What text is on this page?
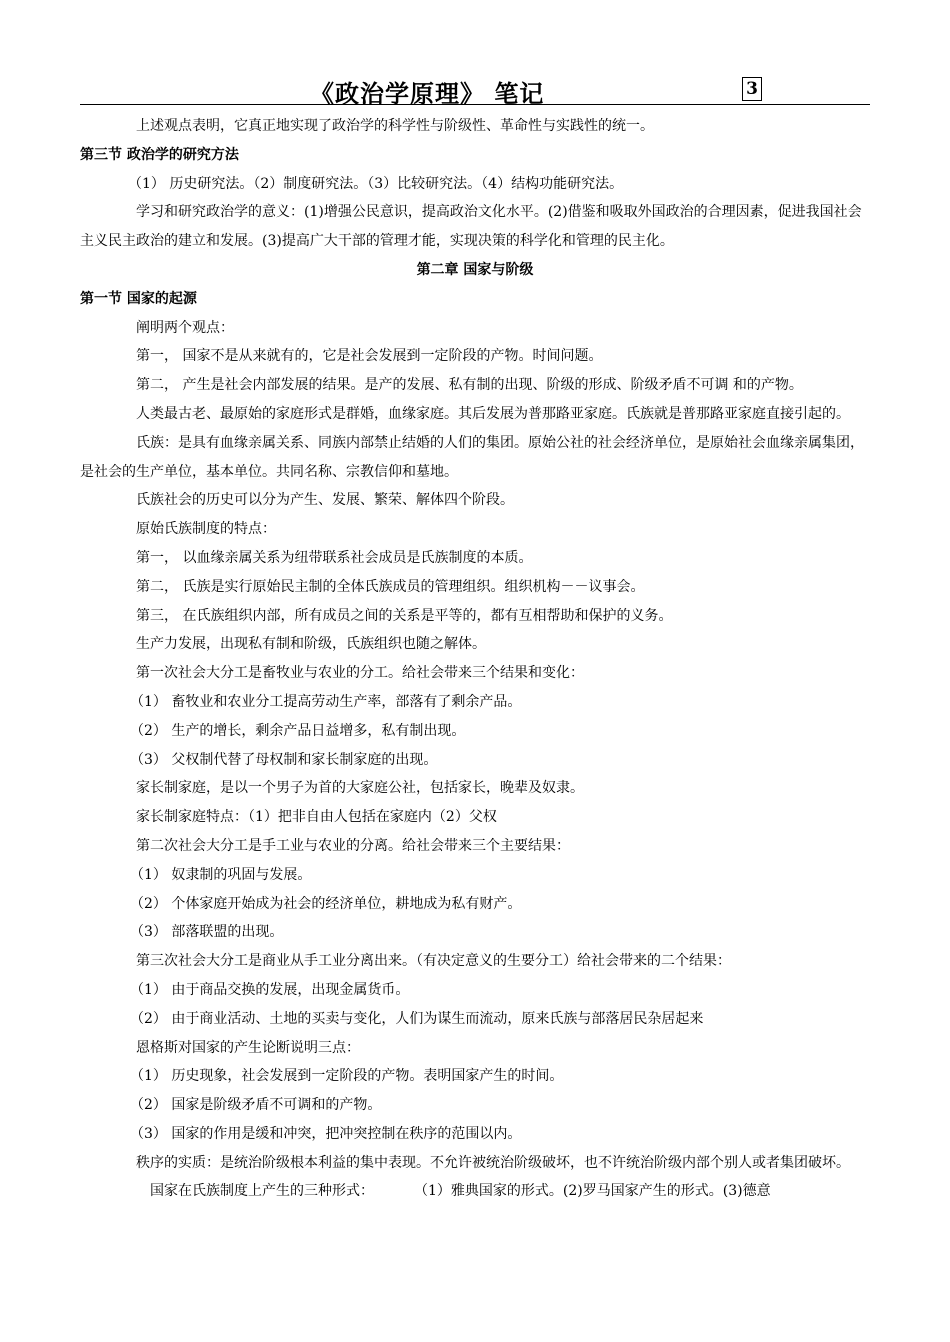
《政治学原理》 笔记	3

上述观点表明，它真正地实现了政治学的科学性与阶级性、革命性与实践性的统一。

第三节 政治学的研究方法

（1） 历史研究法。（2）制度研究法。（3）比较研究法。（4）结构功能研究法。

学习和研究政治学的意义：(1)增强公民意识，提高政治文化水平。(2)借鉴和吸取外国政治的合理因素，促进我国社会主义民主政治的建立和发展。(3)提高广大干部的管理才能，实现决策的科学化和管理的民主化。

第二章 国家与阶级

第一节 国家的起源

阐明两个观点：

第一， 国家不是从来就有的，它是社会发展到一定阶段的产物。时间问题。

第二， 产生是社会内部发展的结果。是产的发展、私有制的出现、阶级的形成、阶级矛盾不可调 和的产物。

人类最古老、最原始的家庭形式是群婚，血缘家庭。其后发展为普那路亚家庭。氏族就是普那路亚家庭直接引起的。

氏族：是具有血缘亲属关系、同族内部禁止结婚的人们的集团。原始公社的社会经济单位，是原始社会血缘亲属集团，是社会的生产单位，基本单位。共同名称、宗教信仰和墓地。

氏族社会的历史可以分为产生、发展、繁荣、解体四个阶段。

原始氏族制度的特点：

第一， 以血缘亲属关系为纽带联系社会成员是氏族制度的本质。

第二， 氏族是实行原始民主制的全体氏族成员的管理组织。组织机构－－议事会。

第三， 在氏族组织内部，所有成员之间的关系是平等的，都有互相帮助和保护的义务。

生产力发展，出现私有制和阶级，氏族组织也随之解体。

第一次社会大分工是畜牧业与农业的分工。给社会带来三个结果和变化：

（1） 畜牧业和农业分工提高劳动生产率，部落有了剩余产品。

（2） 生产的增长，剩余产品日益增多，私有制出现。

（3） 父权制代替了母权制和家长制家庭的出现。

家长制家庭，是以一个男子为首的大家庭公社，包括家长，晚辈及奴隶。

家长制家庭特点：（1）把非自由人包括在家庭内（2）父权

第二次社会大分工是手工业与农业的分离。给社会带来三个主要结果：

（1） 奴隶制的巩固与发展。

（2） 个体家庭开始成为社会的经济单位，耕地成为私有财产。

（3） 部落联盟的出现。

第三次社会大分工是商业从手工业分离出来。（有决定意义的生要分工）给社会带来的二个结果：

（1） 由于商品交换的发展，出现金属货币。

（2） 由于商业活动、土地的买卖与变化，人们为谋生而流动，原来氏族与部落居民杂居起来

恩格斯对国家的产生论断说明三点：

（1） 历史现象，社会发展到一定阶段的产物。表明国家产生的时间。

（2） 国家是阶级矛盾不可调和的产物。

（3） 国家的作用是缓和冲突，把冲突控制在秩序的范围以内。

秩序的实质：是统治阶级根本利益的集中表现。不允许被统治阶级破坏，也不许统治阶级内部个别人或者集团破坏。

国家在氏族制度上产生的三种形式：	（1）雅典国家的形式。(2)罗马国家产生的形式。(3)德意
